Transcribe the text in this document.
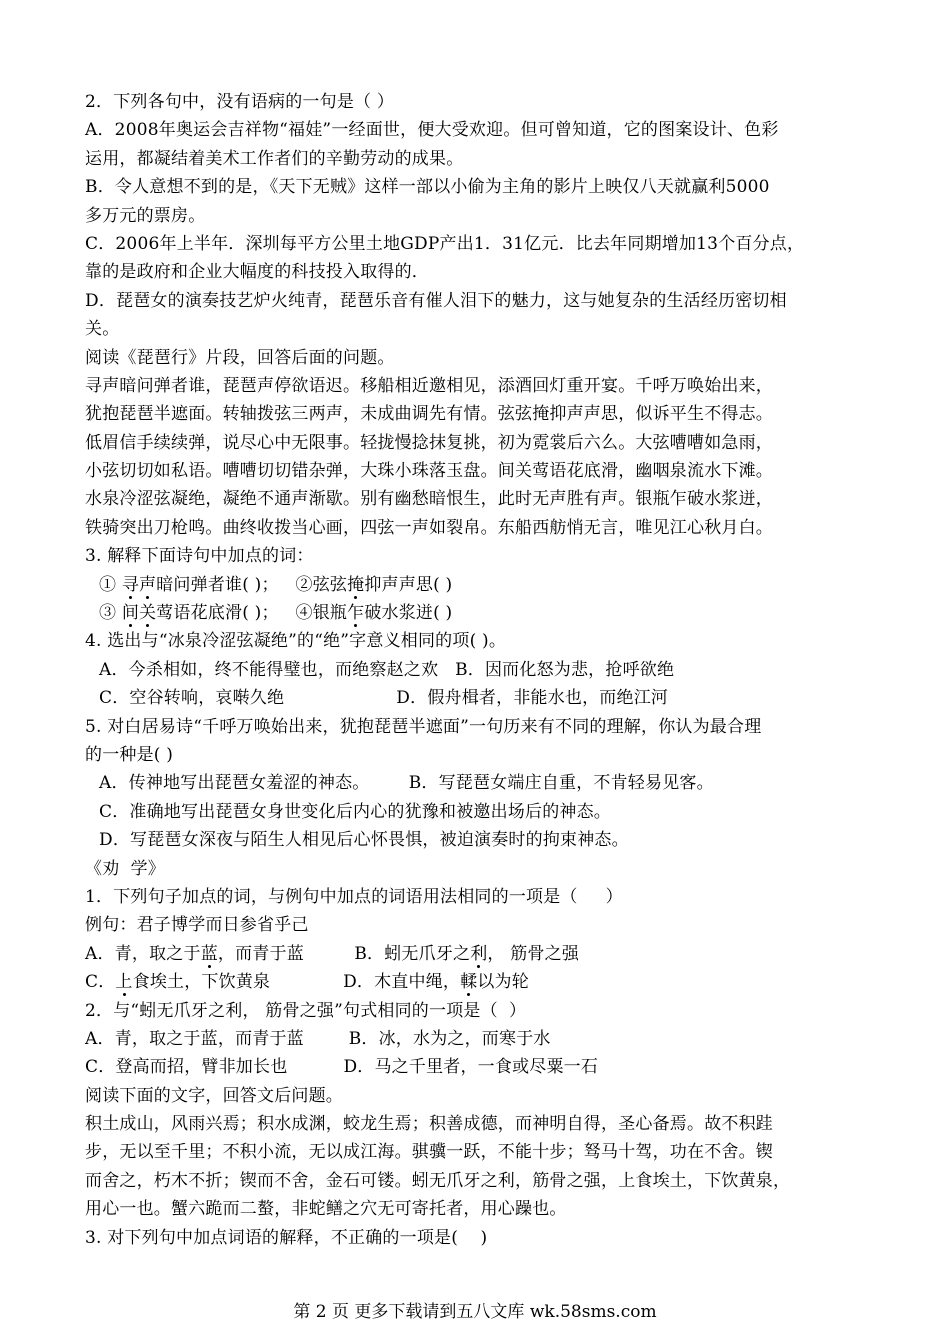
2．下列各句中，没有语病的一句是（ ）
A．2008年奥运会吉祥物“福娃”一经面世，便大受欢迎。但可曾知道，它的图案设计、色彩
运用，都凝结着美术工作者们的辛勤劳动的成果。
B．令人意想不到的是，《天下无贼》这样一部以小偷为主角的影片上映仅八天就赢利5000
多万元的票房。
C．2006年上半年．深圳每平方公里土地GDP产出1．31亿元．比去年同期增加13个百分点，
靠的是政府和企业大幅度的科技投入取得的．
D．琵琶女的演奏技艺炉火纯青，琵琶乐音有催人泪下的魅力，这与她复杂的生活经历密切相
关。
阅读《琵琶行》片段，回答后面的问题。
寻声暗问弹者谁，琵琶声停欲语迟。移船相近邀相见，添酒回灯重开宴。千呼万唤始出来，
犹抱琵琶半遮面。转轴拨弦三两声，未成曲调先有情。弦弦掩抑声声思，似诉平生不得志。
低眉信手续续弹，说尽心中无限事。轻拢慢捻抹复挑，初为霓裳后六么。大弦嘈嘈如急雨，
小弦切切如私语。嘈嘈切切错杂弹，大珠小珠落玉盘。间关莺语花底滑，幽咽泉流水下滩。
水泉冷涩弦凝绝，凝绝不通声渐歇。别有幽愁暗恨生，此时无声胜有声。银瓶乍破水浆迸，
铁骑突出刀枪鸣。曲终收拨当心画，四弦一声如裂帛。东船西舫悄无言，唯见江心秋月白。
3. 解释下面诗句中加点的词：
① 寻声暗问弹者谁( )； ②弦弦掩抑声声思( )
③ 间关莺语花底滑( )； ④银瓶乍破水浆迸( )
4. 选出与“冰泉冷涩弦凝绝”的“绝”字意义相同的项( )。
A．今杀相如，终不能得璧也，而绝察赵之欢   B．因而化怒为悲，抢呼欲绝
C．空谷转响，哀啭久绝                    D．假舟楫者，非能水也，而绝江河
5. 对白居易诗“千呼万唤始出来，犹抱琵琶半遮面”一句历来有不同的理解，你认为最合理
的一种是( )
A．传神地写出琵琶女羞涩的神态。       B．写琵琶女端庄自重，不肯轻易见客。
C．准确地写出琵琶女身世变化后内心的犹豫和被邀出场后的神态。
D．写琵琶女深夜与陌生人相见后心怀畏惧，被迫演奏时的拘束神态。
《劝  学》
1．下列句子加点的词，与例句中加点的词语用法相同的一项是（     ）
例句：君子博学而日参省乎己
A．青，取之于蓝，而青于蓝         B．蚓无爪牙之利， 筋骨之强
C．上食埃土，下饮黄泉             D．木直中绳，輮以为轮
2．与“蚓无爪牙之利， 筋骨之强”句式相同的一项是（  ）
A．青，取之于蓝，而青于蓝        B．冰，水为之，而寒于水
C．登高而招，臂非加长也          D．马之千里者，一食或尽粟一石
阅读下面的文字，回答文后问题。
积土成山，风雨兴焉；积水成渊，蛟龙生焉；积善成德，而神明自得，圣心备焉。故不积跬
步，无以至千里；不积小流，无以成江海。骐骥一跃，不能十步；驽马十驾，功在不舍。锲
而舍之，朽木不折；锲而不舍，金石可镂。蚓无爪牙之利，筋骨之强，上食埃土，下饮黄泉，
用心一也。蟹六跪而二螯，非蛇鳝之穴无可寄托者，用心躁也。
3. 对下列句中加点词语的解释，不正确的一项是(    )
第 2 页 更多下载请到五八文库 wk.58sms.com
